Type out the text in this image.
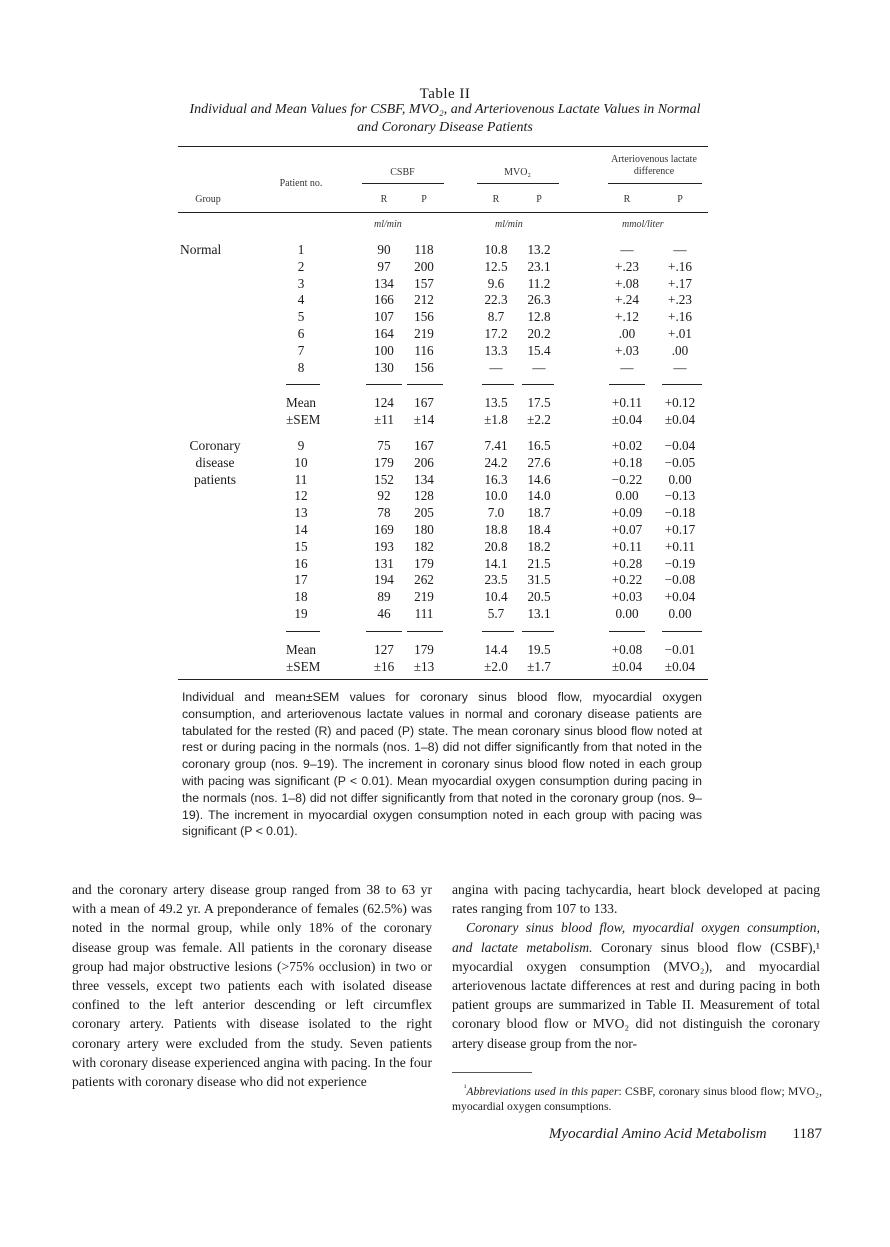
Table II
Individual and Mean Values for CSBF, MVO₂, and Arteriovenous Lactate Values in Normal and Coronary Disease Patients
CSBF	MVO₂
Arteriovenous lactate difference
Patient no.
Group	R	P	R	P	R	P
ml/min	ml/min	mmol/liter
Normal
Coronary disease patients
1	90	118	10.8	13.2	—	—
2	97	200	12.5	23.1	+.23	+.16
3	134	157	9.6	11.2	+.08	+.17
4	166	212	22.3	26.3	+.24	+.23
5	107	156	8.7	12.8	+.12	+.16
6	164	219	17.2	20.2	.00	+.01
7	100	116	13.3	15.4	+.03	.00
8	130	156	—	—	—	—
Mean	124	167	13.5	17.5	+0.11	+0.12
±SEM	±11	±14	±1.8	±2.2	±0.04	±0.04
9	75	167	7.41	16.5	+0.02	−0.04
10	179	206	24.2	27.6	+0.18	−0.05
11	152	134	16.3	14.6	−0.22	0.00
12	92	128	10.0	14.0	0.00	−0.13
13	78	205	7.0	18.7	+0.09	−0.18
14	169	180	18.8	18.4	+0.07	+0.17
15	193	182	20.8	18.2	+0.11	+0.11
16	131	179	14.1	21.5	+0.28	−0.19
17	194	262	23.5	31.5	+0.22	−0.08
18	89	219	10.4	20.5	+0.03	+0.04
19	46	111	5.7	13.1	0.00	0.00
Mean	127	179	14.4	19.5	+0.08	−0.01
±SEM	±16	±13	±2.0	±1.7	±0.04	±0.04
Individual and mean±SEM values for coronary sinus blood flow, myocardial oxygen consumption, and arteriovenous lactate values in normal and coronary disease patients are tabulated for the rested (R) and paced (P) state. The mean coronary sinus blood flow noted at rest or during pacing in the normals (nos. 1–8) did not differ significantly from that noted in the coronary group (nos. 9–19). The increment in coronary sinus blood flow noted in each group with pacing was significant (P < 0.01). Mean myocardial oxygen consumption during pacing in the normals (nos. 1–8) did not differ significantly from that noted in the coronary group (nos. 9–19). The increment in myocardial oxygen consumption noted in each group with pacing was significant (P < 0.01).
and the coronary artery disease group ranged from 38 to 63 yr with a mean of 49.2 yr. A preponderance of females (62.5%) was noted in the normal group, while only 18% of the coronary disease group was female. All patients in the coronary disease group had major obstructive lesions (>75% occlusion) in two or three vessels, except two patients each with isolated disease confined to the left anterior descending or left circumflex coronary artery. Patients with disease isolated to the right coronary artery were excluded from the study. Seven patients with coronary disease experienced angina with pacing. In the four patients with coronary disease who did not experience
angina with pacing tachycardia, heart block developed at pacing rates ranging from 107 to 133.
Coronary sinus blood flow, myocardial oxygen consumption, and lactate metabolism. Coronary sinus blood flow (CSBF),¹ myocardial oxygen consumption (MVO₂), and myocardial arteriovenous lactate differences at rest and during pacing in both patient groups are summarized in Table II. Measurement of total coronary blood flow or MVO₂ did not distinguish the coronary artery disease group from the nor-
$^{^1}$Abbreviations used in this paper: CSBF, coronary sinus blood flow; MVO₂, myocardial oxygen consumptions.
Myocardial Amino Acid Metabolism 1187
